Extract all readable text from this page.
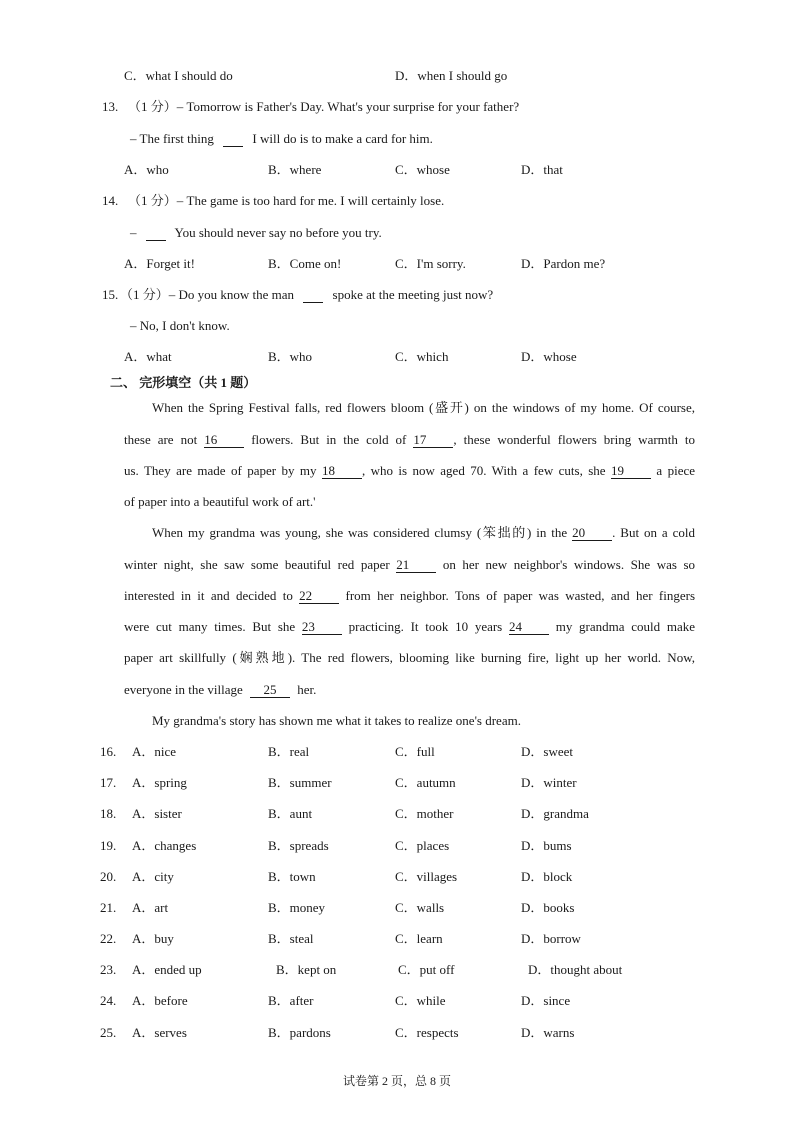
C．what I should do	D．when I should go
13. （1 分）– Tomorrow is Father's Day. What's your surprise for your father?
– The first thing	I will do is to make a card for him.
A．who	B．where	C．whose	D．that
14. （1 分）– The game is too hard for me. I will certainly lose.
–	You should never say no before you try.
A．Forget it!	B．Come on!	C．I'm sorry.	D．Pardon me?
15. （1 分）– Do you know the man	spoke at the meeting just now?
– No, I don't know.
A．what	B．who	C．which	D．whose
二、 完形填空（共 1 题）
When the Spring Festival falls, red flowers bloom (盛开) on the windows of my home. Of course,
these are not 16	flowers. But in the cold of 17 , these wonderful flowers bring warmth to
us. They are made of paper by my 18 , who is now aged 70. With a few cuts, she 19 a piece
of paper into a beautiful work of art.'
When my grandma was young, she was considered clumsy (笨拙的) in the 20 . But on a cold
winter night, she saw some beautiful red paper 21	on her new neighbor's windows. She was so
interested in it and decided to 22	from her neighbor. Tons of paper was wasted, and her fingers
were cut many times. But she 23	practicing. It took 10 years 24	my grandma could make
paper art skillfully (娴熟地). The red flowers, blooming like burning fire, light up her world. Now,
everyone in the village 25 her.
My grandma's story has shown me what it takes to realize one's dream.
16. A．nice	B．real	C．full	D．sweet
17. A．spring	B．summer	C．autumn	D．winter
18. A．sister	B．aunt	C．mother	D．grandma
19. A．changes	B．spreads	C．places	D．bums
20. A．city	B．town	C．villages	D．block
21. A．art	B．money	C．walls	D．books
22. A．buy	B．steal	C．learn	D．borrow
23. A．ended up	B．kept on	C．put off	D．thought about
24. A．before	B．after	C．while	D．since
25. A．serves	B．pardons	C．respects	D．warns
试卷第 2 页，总 8 页
